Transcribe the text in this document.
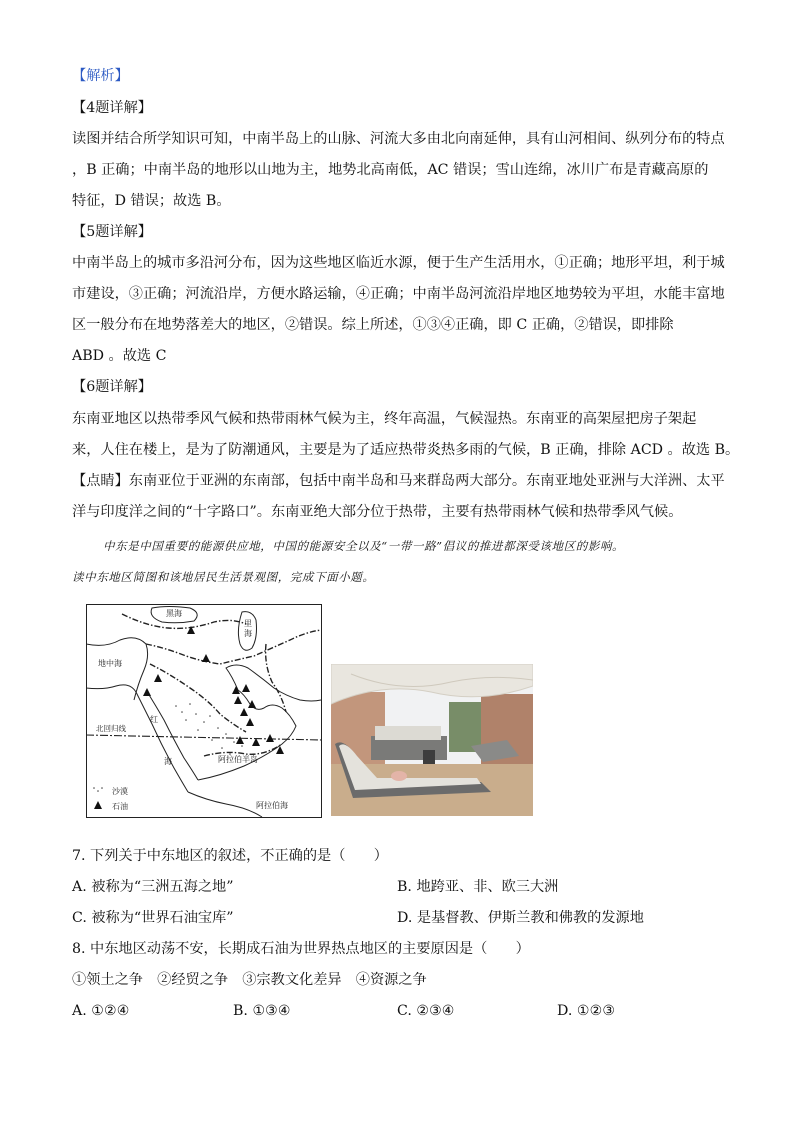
【解析】
【4题详解】
读图并结合所学知识可知，中南半岛上的山脉、河流大多由北向南延伸，具有山河相间、纵列分布的特点
，B 正确；中南半岛的地形以山地为主，地势北高南低，AC 错误；雪山连绵，冰川广布是青藏高原的
特征，D 错误；故选 B。
【5题详解】
中南半岛上的城市多沿河分布，因为这些地区临近水源，便于生产生活用水，①正确；地形平坦，利于城
市建设，③正确；河流沿岸，方便水路运输，④正确；中南半岛河流沿岸地区地势较为平坦，水能丰富地
区一般分布在地势落差大的地区，②错误。综上所述，①③④正确，即 C 正确，②错误，即排除
ABD 。故选 C
【6题详解】
东南亚地区以热带季风气候和热带雨林气候为主，终年高温，气候湿热。东南亚的高架屋把房子架起
来，人住在楼上，是为了防潮通风，主要是为了适应热带炎热多雨的气候，B 正确，排除 ACD 。故选 B。
【点睛】东南亚位于亚洲的东南部，包括中南半岛和马来群岛两大部分。东南亚地处亚洲与大洋洲、太平
洋与印度洋之间的“十字路口”。东南亚绝大部分位于热带，主要有热带雨林气候和热带季风气候。
中东是中国重要的能源供应地，中国的能源安全以及“一带一路”倡议的推进都深受该地区的影响。
读中东地区简图和该地居民生活景观图，完成下面小题。
黑海
里
海
地中海
北回归线
红
海	阿拉伯半岛
阿拉伯海
沙漠
石油
7. 下列关于中东地区的叙述，不正确的是（　　）
A. 被称为“三洲五海之地”	B. 地跨亚、非、欧三大洲
C. 被称为“世界石油宝库”	D. 是基督教、伊斯兰教和佛教的发源地
8. 中东地区动荡不安，长期成石油为世界热点地区的主要原因是（　　）
①领土之争　②经贸之争　③宗教文化差异　④资源之争
A. ①②④	B. ①③④	C. ②③④	D. ①②③
